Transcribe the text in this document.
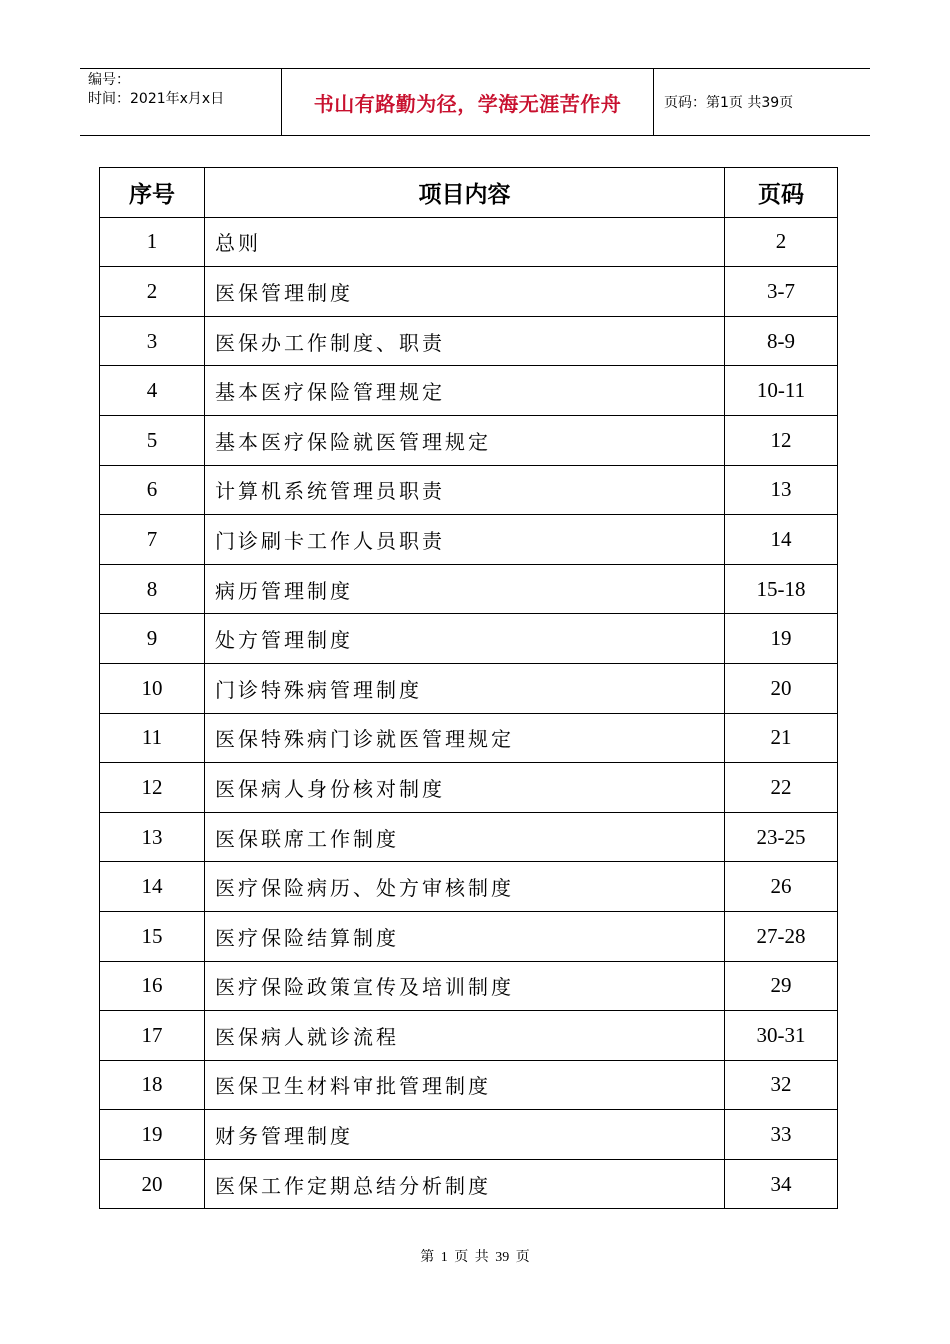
编号：
时间：2021年x月x日	书山有路勤为径，学海无涯苦作舟	页码：第1页 共39页
序号	项目内容	页码
1	总则	2
2	医保管理制度	3-7
3	医保办工作制度、职责	8-9
4	基本医疗保险管理规定	10-11
5	基本医疗保险就医管理规定	12
6	计算机系统管理员职责	13
7	门诊刷卡工作人员职责	14
8	病历管理制度	15-18
9	处方管理制度	19
10	门诊特殊病管理制度	20
11	医保特殊病门诊就医管理规定	21
12	医保病人身份核对制度	22
13	医保联席工作制度	23-25
14	医疗保险病历、处方审核制度	26
15	医疗保险结算制度	27-28
16	医疗保险政策宣传及培训制度	29
17	医保病人就诊流程	30-31
18	医保卫生材料审批管理制度	32
19	财务管理制度	33
20	医保工作定期总结分析制度	34
第 1 页 共 39 页
